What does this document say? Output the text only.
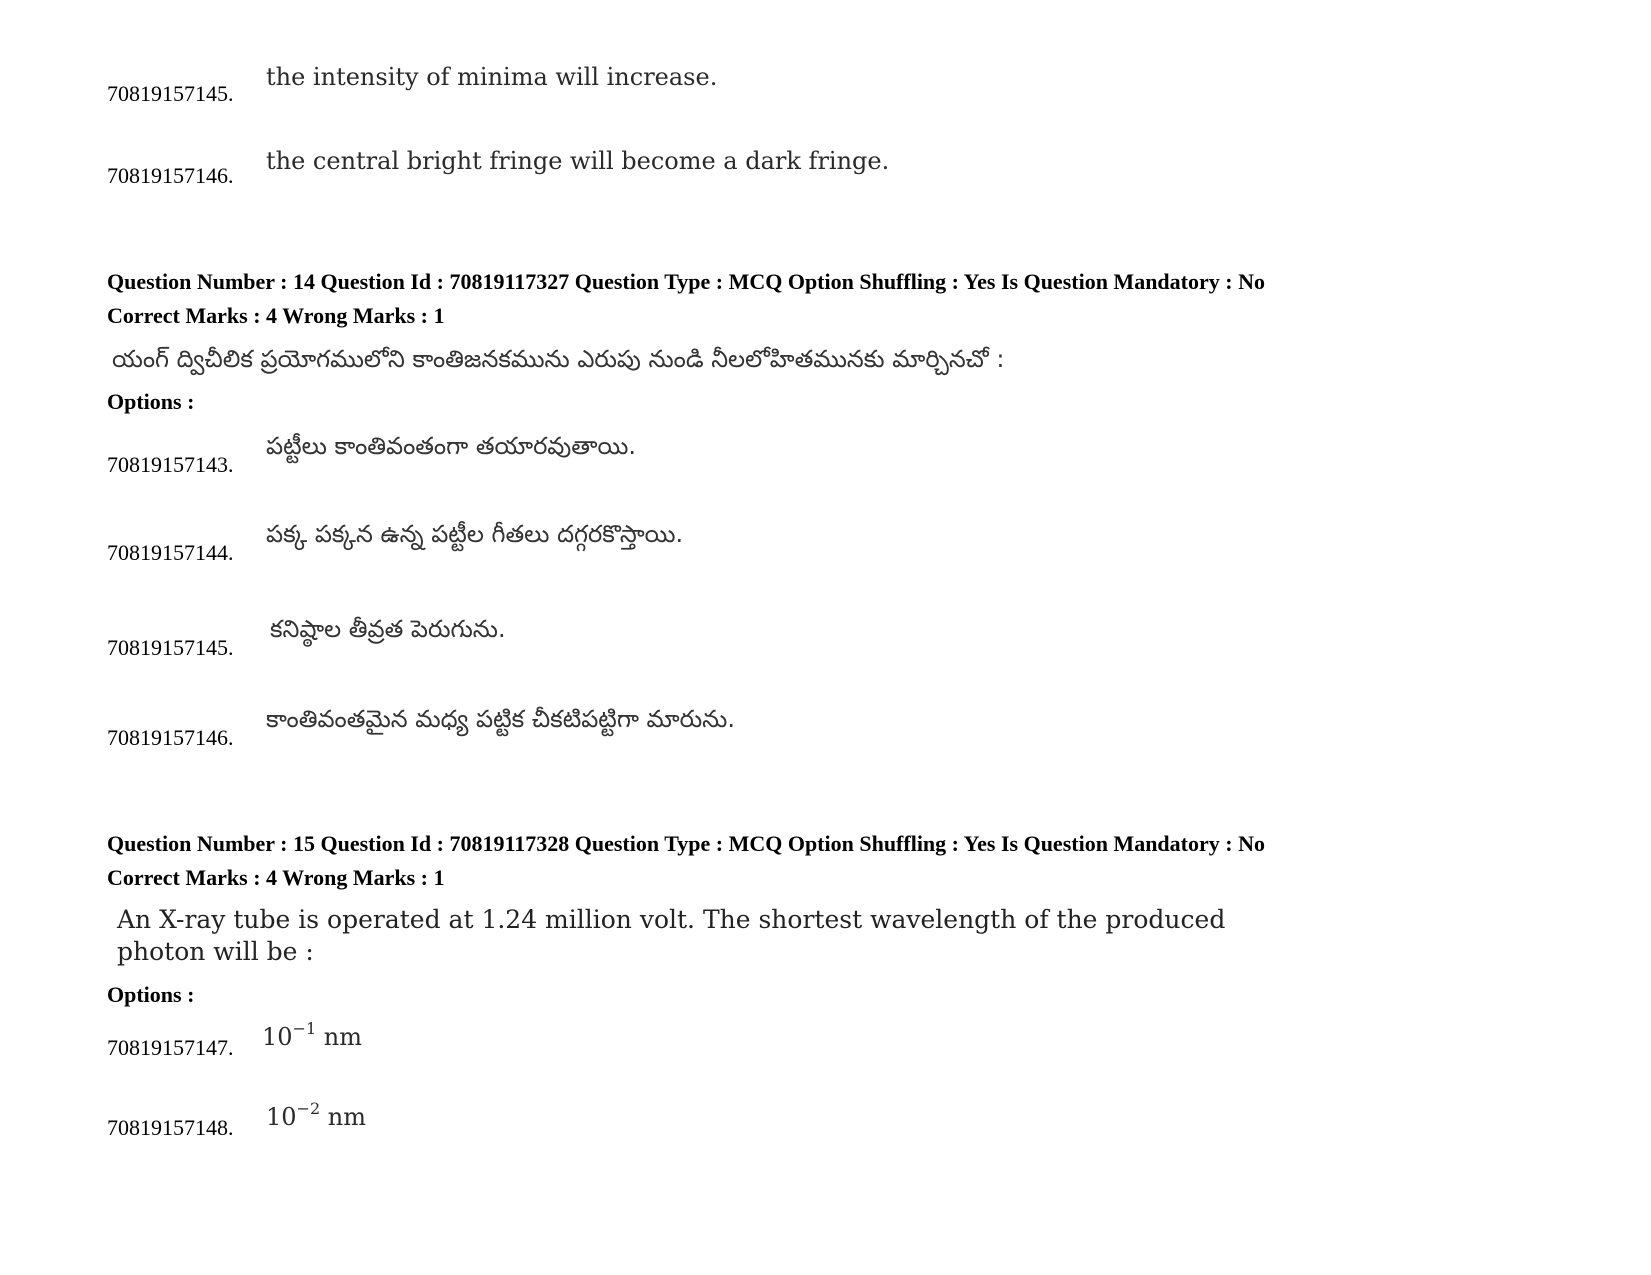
70819157145.
the intensity of minima will increase.
70819157146.
the central bright fringe will become a dark fringe.
Question Number : 14 Question Id : 70819117327 Question Type : MCQ Option Shuffling : Yes Is Question Mandatory : No
Correct Marks : 4 Wrong Marks : 1
యంగ్ ద్విచీలిక ప్రయోగములోని కాంతిజనకమును ఎరుపు నుండి నీలలోహితమునకు మార్చినచో :
Options :
70819157143.
పట్టీలు కాంతివంతంగా తయారవుతాయి.
70819157144.
పక్క పక్కన ఉన్న పట్టీల గీతలు దగ్గరకొస్తాయి.
70819157145.
కనిష్ఠాల తీవ్రత పెరుగును.
70819157146.
కాంతివంతమైన మధ్య పట్టిక చీకటిపట్టిగా మారును.
Question Number : 15 Question Id : 70819117328 Question Type : MCQ Option Shuffling : Yes Is Question Mandatory : No
Correct Marks : 4 Wrong Marks : 1
An X-ray tube is operated at 1.24 million volt. The shortest wavelength of the produced
photon will be :
Options :
70819157147. $10^{-1}$ nm
70819157148. $10^{-2}$ nm
